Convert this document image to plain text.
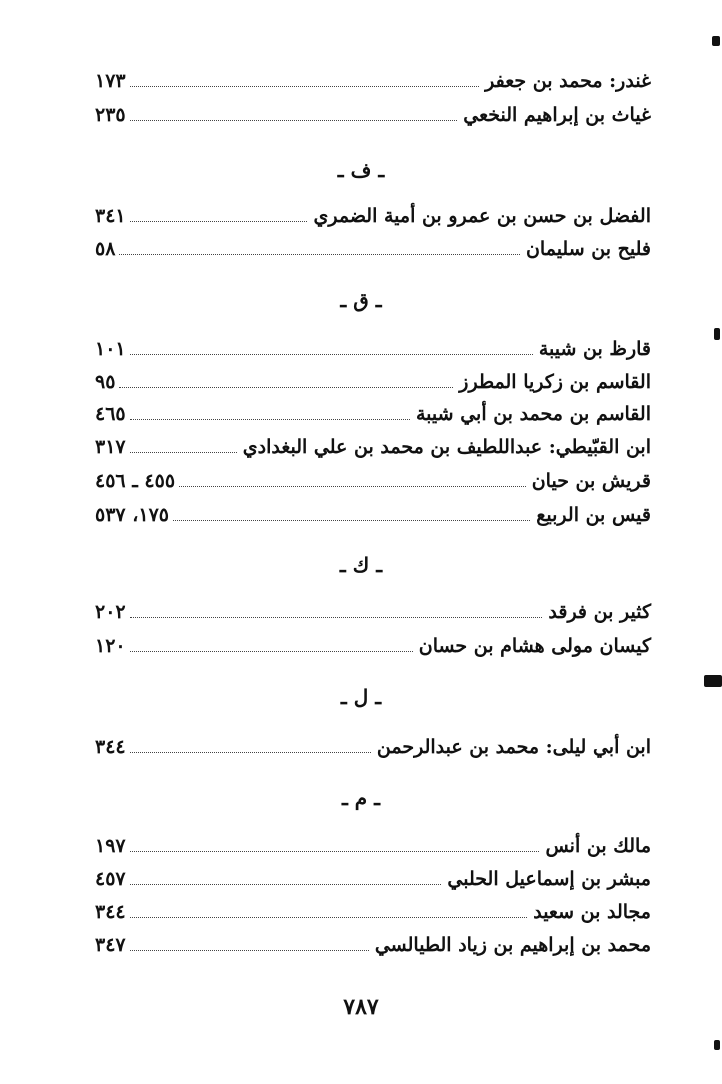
غندر: محمد بن جعفر
١٧٣
غياث بن إبراهيم النخعي
٢٣٥
ـ ف ـ
الفضل بن حسن بن عمرو بن أمية الضمري
٣٤١
فليح بن سليمان
٥٨
ـ ق ـ
قارظ بن شيبة
١٠١
القاسم بن زكريا المطرز
٩٥
القاسم بن محمد بن أبي شيبة
٤٦٥
ابن القبّيطي: عبداللطيف بن محمد بن علي البغدادي
٣١٧
قريش بن حيان
٤٥٥ ـ ٤٥٦
قيس بن الربيع
١٧٥، ٥٣٧
ـ ك ـ
كثير بن فرقد
٢٠٢
كيسان مولى هشام بن حسان
١٢٠
ـ ل ـ
ابن أبي ليلى: محمد بن عبدالرحمن
٣٤٤
ـ م ـ
مالك بن أنس
١٩٧
مبشر بن إسماعيل الحلبي
٤٥٧
مجالد بن سعيد
٣٤٤
محمد بن إبراهيم بن زياد الطيالسي
٣٤٧
٧٨٧
